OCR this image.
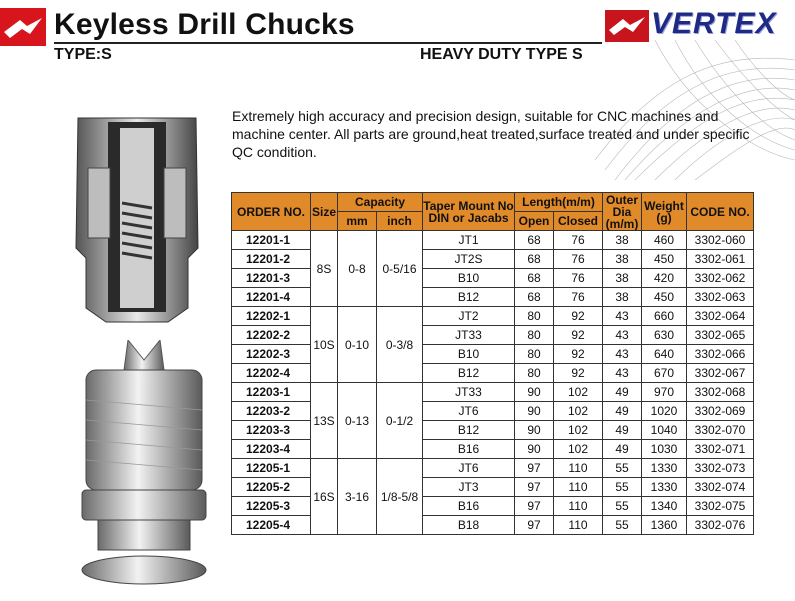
Keyless Drill Chucks
TYPE:S	HEAVY DUTY TYPE S
VERTEX
Extremely high accuracy and precision design, suitable for CNC machines and machine center. All parts are ground,heat treated,surface treated and under specific QC condition.
ORDER NO.	Size	Capacity		Taper Mount No DIN or Jacabs	Length(m/m)		Outer Dia (m/m)	Weight (g)	CODE NO.
		mm	inch		Open	Closed			
12201-1	8S	0-8	0-5/16	JT1	68	76	38	460	3302-060
12201-2				JT2S	68	76	38	450	3302-061
12201-3				B10	68	76	38	420	3302-062
12201-4				B12	68	76	38	450	3302-063
12202-1	10S	0-10	0-3/8	JT2	80	92	43	660	3302-064
12202-2				JT33	80	92	43	630	3302-065
12202-3				B10	80	92	43	640	3302-066
12202-4				B12	80	92	43	670	3302-067
12203-1	13S	0-13	0-1/2	JT33	90	102	49	970	3302-068
12203-2				JT6	90	102	49	1020	3302-069
12203-3				B12	90	102	49	1040	3302-070
12203-4				B16	90	102	49	1030	3302-071
12205-1	16S	3-16	1/8-5/8	JT6	97	110	55	1330	3302-073
12205-2				JT3	97	110	55	1330	3302-074
12205-3				B16	97	110	55	1340	3302-075
12205-4				B18	97	110	55	1360	3302-076
